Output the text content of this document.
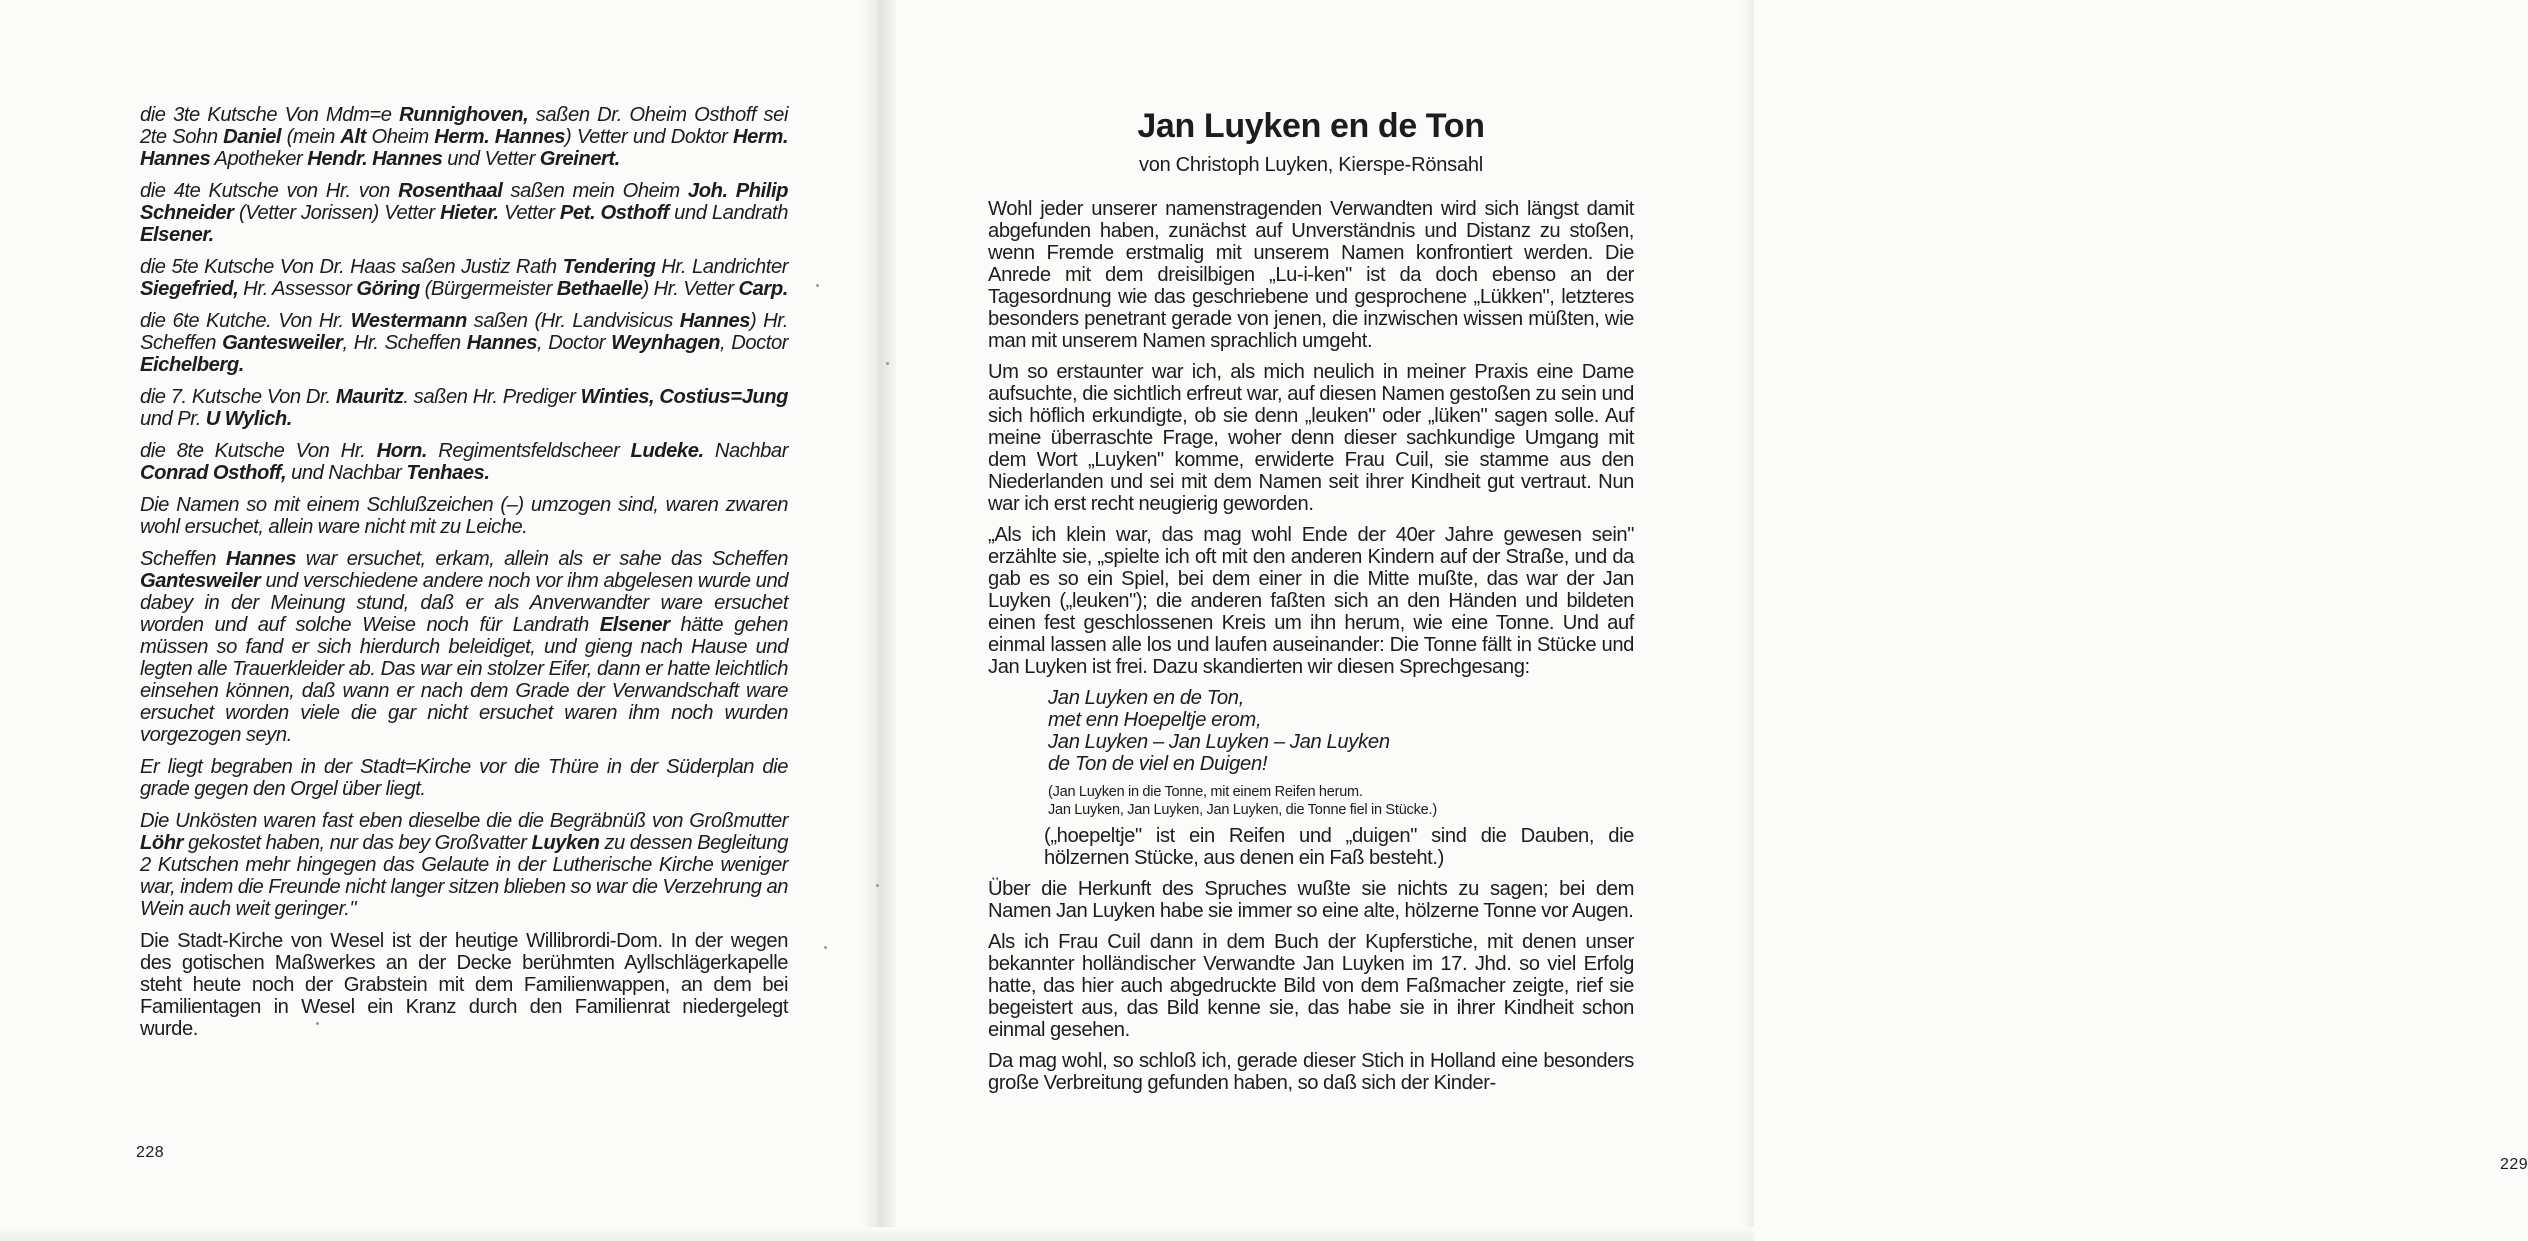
die 3te Kutsche Von Mdm=e Runnighoven, saßen Dr. Oheim Osthoff sei 2te Sohn Daniel (mein Alt Oheim Herm. Hannes) Vetter und Doktor Herm. Hannes Apotheker Hendr. Hannes und Vetter Greinert.

die 4te Kutsche von Hr. von Rosenthaal saßen mein Oheim Joh. Philip Schneider (Vetter Jorissen) Vetter Hieter. Vetter Pet. Osthoff und Landrath Elsener.

die 5te Kutsche Von Dr. Haas saßen Justiz Rath Tendering Hr. Landrichter Siegefried, Hr. Assessor Göring (Bürgermeister Bethaelle) Hr. Vetter Carp.

die 6te Kutche. Von Hr. Westermann saßen (Hr. Landvisicus Hannes) Hr. Scheffen Gantesweiler, Hr. Scheffen Hannes, Doctor Weynhagen, Doctor Eichelberg.

die 7. Kutsche Von Dr. Mauritz. saßen Hr. Prediger Winties, Costius=Jung und Pr. U Wylich.

die 8te Kutsche Von Hr. Horn. Regimentsfeldscheer Ludeke. Nachbar Conrad Osthoff, und Nachbar Tenhaes.

Die Namen so mit einem Schlußzeichen (–) umzogen sind, waren zwaren wohl ersuchet, allein ware nicht mit zu Leiche.

Scheffen Hannes war ersuchet, erkam, allein als er sahe das Scheffen Gantesweiler und verschiedene andere noch vor ihm abgelesen wurde und dabey in der Meinung stund, daß er als Anverwandter ware ersuchet worden und auf solche Weise noch für Landrath Elsener hätte gehen müssen so fand er sich hierdurch beleidiget, und gieng nach Hause und legten alle Trauerkleider ab. Das war ein stolzer Eifer, dann er hatte leichtlich einsehen können, daß wann er nach dem Grade der Verwandschaft ware ersuchet worden viele die gar nicht ersuchet waren ihm noch wurden vorgezogen seyn.

Er liegt begraben in der Stadt=Kirche vor die Thüre in der Süderplan die grade gegen den Orgel über liegt.

Die Unkösten waren fast eben dieselbe die die Begräbnüß von Großmutter Löhr gekostet haben, nur das bey Großvatter Luyken zu dessen Begleitung 2 Kutschen mehr hingegen das Gelaute in der Lutherische Kirche weniger war, indem die Freunde nicht langer sitzen blieben so war die Verzehrung an Wein auch weit geringer."

Die Stadt-Kirche von Wesel ist der heutige Willibrordi-Dom. In der wegen des gotischen Maßwerkes an der Decke berühmten Ayllschlägerkapelle steht heute noch der Grabstein mit dem Familienwappen, an dem bei Familientagen in Wesel ein Kranz durch den Familienrat niedergelegt wurde.

228
Jan Luyken en de Ton
von Christoph Luyken, Kierspe-Rönsahl

Wohl jeder unserer namenstragenden Verwandten wird sich längst damit abgefunden haben, zunächst auf Unverständnis und Distanz zu stoßen, wenn Fremde erstmalig mit unserem Namen konfrontiert werden. Die Anrede mit dem dreisilbigen „Lu-i-ken" ist da doch ebenso an der Tagesordnung wie das geschriebene und gesprochene „Lükken", letzteres besonders penetrant gerade von jenen, die inzwischen wissen müßten, wie man mit unserem Namen sprachlich umgeht.

Um so erstaunter war ich, als mich neulich in meiner Praxis eine Dame aufsuchte, die sichtlich erfreut war, auf diesen Namen gestoßen zu sein und sich höflich erkundigte, ob sie denn „leuken" oder „lüken" sagen solle. Auf meine überraschte Frage, woher denn dieser sachkundige Umgang mit dem Wort „Luyken" komme, erwiderte Frau Cuil, sie stamme aus den Niederlanden und sei mit dem Namen seit ihrer Kindheit gut vertraut. Nun war ich erst recht neugierig geworden.

„Als ich klein war, das mag wohl Ende der 40er Jahre gewesen sein" erzählte sie, „spielte ich oft mit den anderen Kindern auf der Straße, und da gab es so ein Spiel, bei dem einer in die Mitte mußte, das war der Jan Luyken („leuken"); die anderen faßten sich an den Händen und bildeten einen fest geschlossenen Kreis um ihn herum, wie eine Tonne. Und auf einmal lassen alle los und laufen auseinander: Die Tonne fällt in Stücke und Jan Luyken ist frei. Dazu skandierten wir diesen Sprechgesang:

Jan Luyken en de Ton,
met enn Hoepeltje erom,
Jan Luyken – Jan Luyken – Jan Luyken
de Ton de viel en Duigen!
(Jan Luyken in die Tonne, mit einem Reifen herum.
Jan Luyken, Jan Luyken, Jan Luyken, die Tonne fiel in Stücke.)

(„hoepeltje" ist ein Reifen und „duigen" sind die Dauben, die hölzernen Stücke, aus denen ein Faß besteht.)

Über die Herkunft des Spruches wußte sie nichts zu sagen; bei dem Namen Jan Luyken habe sie immer so eine alte, hölzerne Tonne vor Augen.

Als ich Frau Cuil dann in dem Buch der Kupferstiche, mit denen unser bekannter holländischer Verwandte Jan Luyken im 17. Jhd. so viel Erfolg hatte, das hier auch abgedruckte Bild von dem Faßmacher zeigte, rief sie begeistert aus, das Bild kenne sie, das habe sie in ihrer Kindheit schon einmal gesehen.

Da mag wohl, so schloß ich, gerade dieser Stich in Holland eine besonders große Verbreitung gefunden haben, so daß sich der Kinder-

229
